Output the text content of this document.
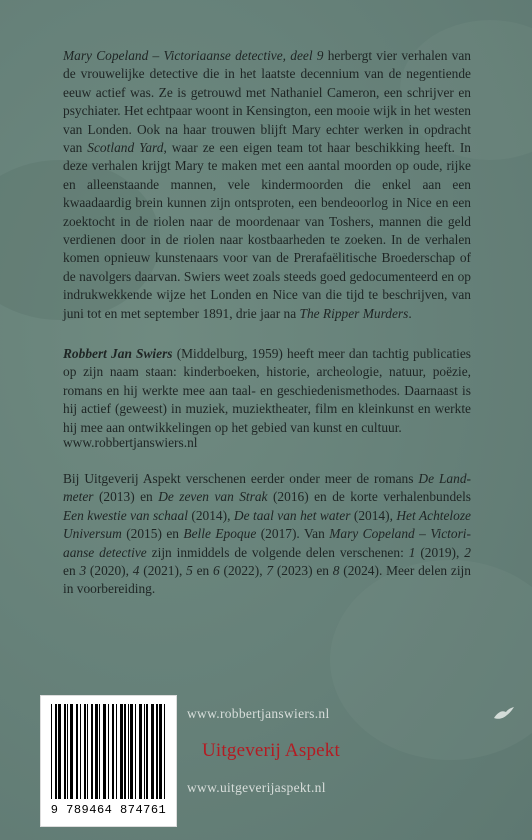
Mary Copeland – Victoriaanse detective, deel 9 herbergt vier verhalen van de vrouwelijke detective die in het laatste decennium van de negentiende eeuw actief was. Ze is getrouwd met Nathaniel Cameron, een schrijver en psychiater. Het echtpaar woont in Kensington, een mooie wijk in het westen van Londen. Ook na haar trouwen blijft Mary echter werken in opdracht van Scotland Yard, waar ze een eigen team tot haar beschikking heeft. In deze verhalen krijgt Mary te maken met een aantal moorden op oude, rijke en alleenstaande mannen, vele kindermoorden die enkel aan een kwaadaardig brein kunnen zijn ontsproten, een bendeoorlog in Nice en een zoektocht in de riolen naar de moordenaar van Toshers, mannen die geld verdienen door in de riolen naar kostbaarheden te zoeken. In de verhalen komen opnieuw kunstenaars voor van de Prerafaëlitische Broederschap of de navolgers daarvan. Swiers weet zoals steeds goed gedocumenteerd en op indrukwekkende wijze het Londen en Nice van die tijd te beschrijven, van juni tot en met september 1891, drie jaar na The Ripper Murders.

Robbert Jan Swiers (Middelburg, 1959) heeft meer dan tachtig publicaties op zijn naam staan: kinderboeken, historie, archeologie, natuur, poëzie, romans en hij werkte mee aan taal- en geschiedenismethodes. Daarnaast is hij actief (geweest) in muziek, muziektheater, film en kleinkunst en werkte hij mee aan ontwikkelingen op het gebied van kunst en cultuur.

www.robbertjanswiers.nl

Bij Uitgeverij Aspekt verschenen eerder onder meer de romans De Landmeter (2013) en De zeven van Strak (2016) en de korte verhalenbundels Een kwestie van schaal (2014), De taal van het water (2014), Het Achteloze Universum (2015) en Belle Epoque (2017). Van Mary Copeland – Victoriaanse detective zijn inmiddels de volgende delen verschenen: 1 (2019), 2 en 3 (2020), 4 (2021), 5 en 6 (2022), 7 (2023) en 8 (2024). Meer delen zijn in voorbereiding.

9 789464 874761
www.robbertjanswiers.nl
Uitgeverij Aspekt
www.uitgeverijaspekt.nl
